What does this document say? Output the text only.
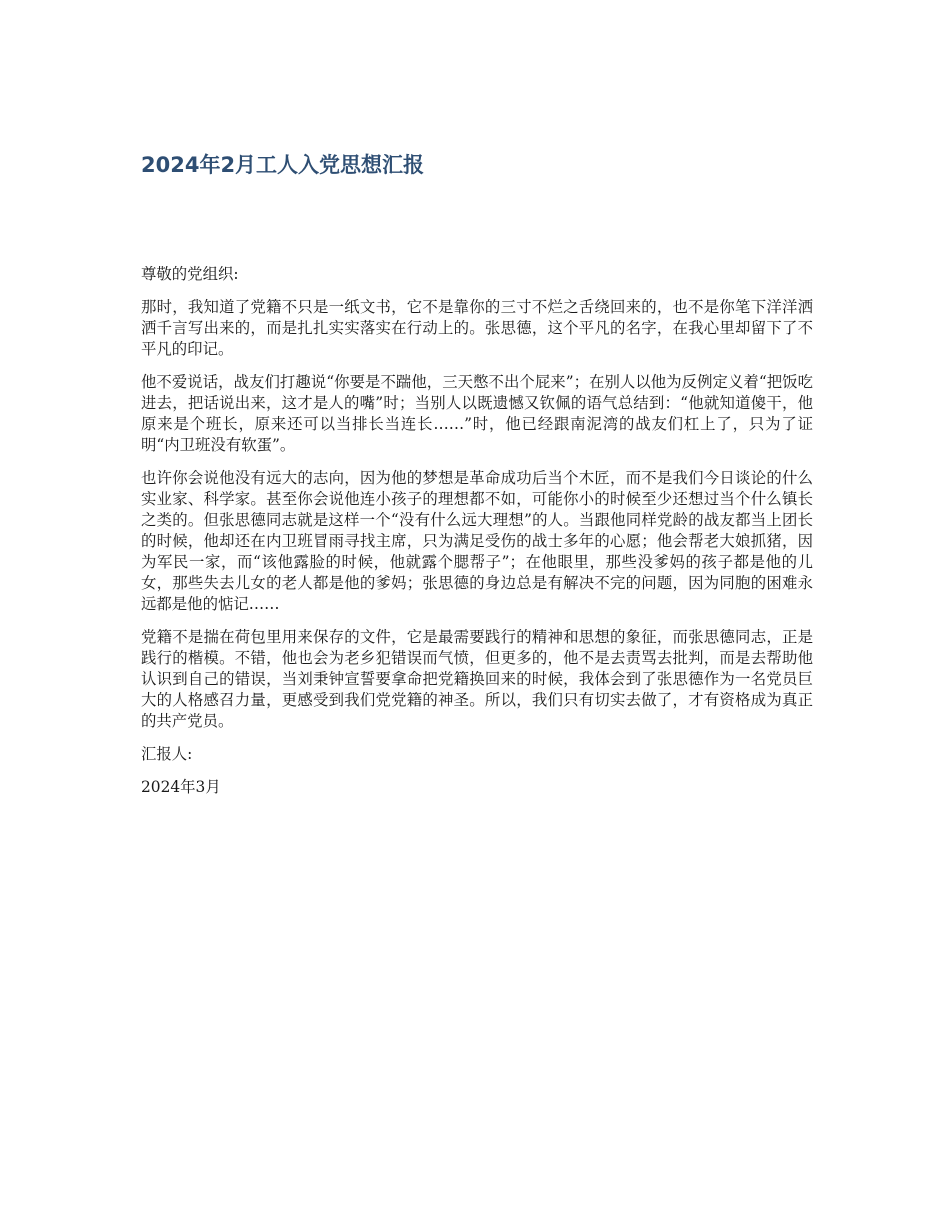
2024年2月工人入党思想汇报

尊敬的党组织:

那时，我知道了党籍不只是一纸文书，它不是靠你的三寸不烂之舌绕回来的，也不是你笔下洋洋洒洒千言写出来的，而是扎扎实实落实在行动上的。张思德，这个平凡的名字，在我心里却留下了不平凡的印记。

他不爱说话，战友们打趣说“你要是不踹他，三天憋不出个屁来”；在别人以他为反例定义着“把饭吃进去，把话说出来，这才是人的嘴”时；当别人以既遗憾又钦佩的语气总结到：“他就知道傻干，他原来是个班长，原来还可以当排长当连长……”时，他已经跟南泥湾的战友们杠上了，只为了证明“内卫班没有软蛋”。

也许你会说他没有远大的志向，因为他的梦想是革命成功后当个木匠，而不是我们今日谈论的什么实业家、科学家。甚至你会说他连小孩子的理想都不如，可能你小的时候至少还想过当个什么镇长之类的。但张思德同志就是这样一个“没有什么远大理想”的人。当跟他同样党龄的战友都当上团长的时候，他却还在内卫班冒雨寻找主席，只为满足受伤的战士多年的心愿；他会帮老大娘抓猪，因为军民一家，而“该他露脸的时候，他就露个腮帮子”；在他眼里，那些没爹妈的孩子都是他的儿女，那些失去儿女的老人都是他的爹妈；张思德的身边总是有解决不完的问题，因为同胞的困难永远都是他的惦记……

党籍不是揣在荷包里用来保存的文件，它是最需要践行的精神和思想的象征，而张思德同志，正是践行的楷模。不错，他也会为老乡犯错误而气愤，但更多的，他不是去责骂去批判，而是去帮助他认识到自己的错误，当刘秉钟宣誓要拿命把党籍换回来的时候，我体会到了张思德作为一名党员巨大的人格感召力量，更感受到我们党党籍的神圣。所以，我们只有切实去做了，才有资格成为真正的共产党员。

汇报人:

2024年3月
